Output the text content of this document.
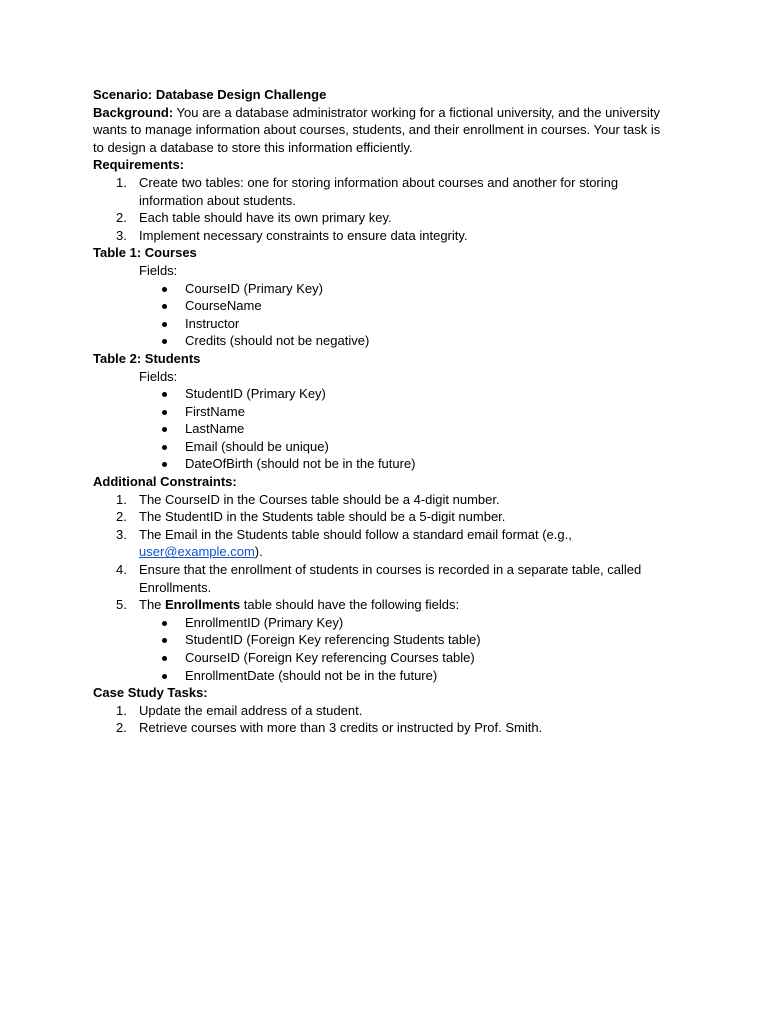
Scenario: Database Design Challenge
Background: You are a database administrator working for a fictional university, and the university wants to manage information about courses, students, and their enrollment in courses. Your task is to design a database to store this information efficiently.
Requirements:
1. Create two tables: one for storing information about courses and another for storing information about students.
2. Each table should have its own primary key.
3. Implement necessary constraints to ensure data integrity.
Table 1: Courses
Fields:
CourseID (Primary Key)
CourseName
Instructor
Credits (should not be negative)
Table 2: Students
Fields:
StudentID (Primary Key)
FirstName
LastName
Email (should be unique)
DateOfBirth (should not be in the future)
Additional Constraints:
1. The CourseID in the Courses table should be a 4-digit number.
2. The StudentID in the Students table should be a 5-digit number.
3. The Email in the Students table should follow a standard email format (e.g., user@example.com).
4. Ensure that the enrollment of students in courses is recorded in a separate table, called Enrollments.
5. The Enrollments table should have the following fields:
EnrollmentID (Primary Key)
StudentID (Foreign Key referencing Students table)
CourseID (Foreign Key referencing Courses table)
EnrollmentDate (should not be in the future)
Case Study Tasks:
1. Update the email address of a student.
2. Retrieve courses with more than 3 credits or instructed by Prof. Smith.
